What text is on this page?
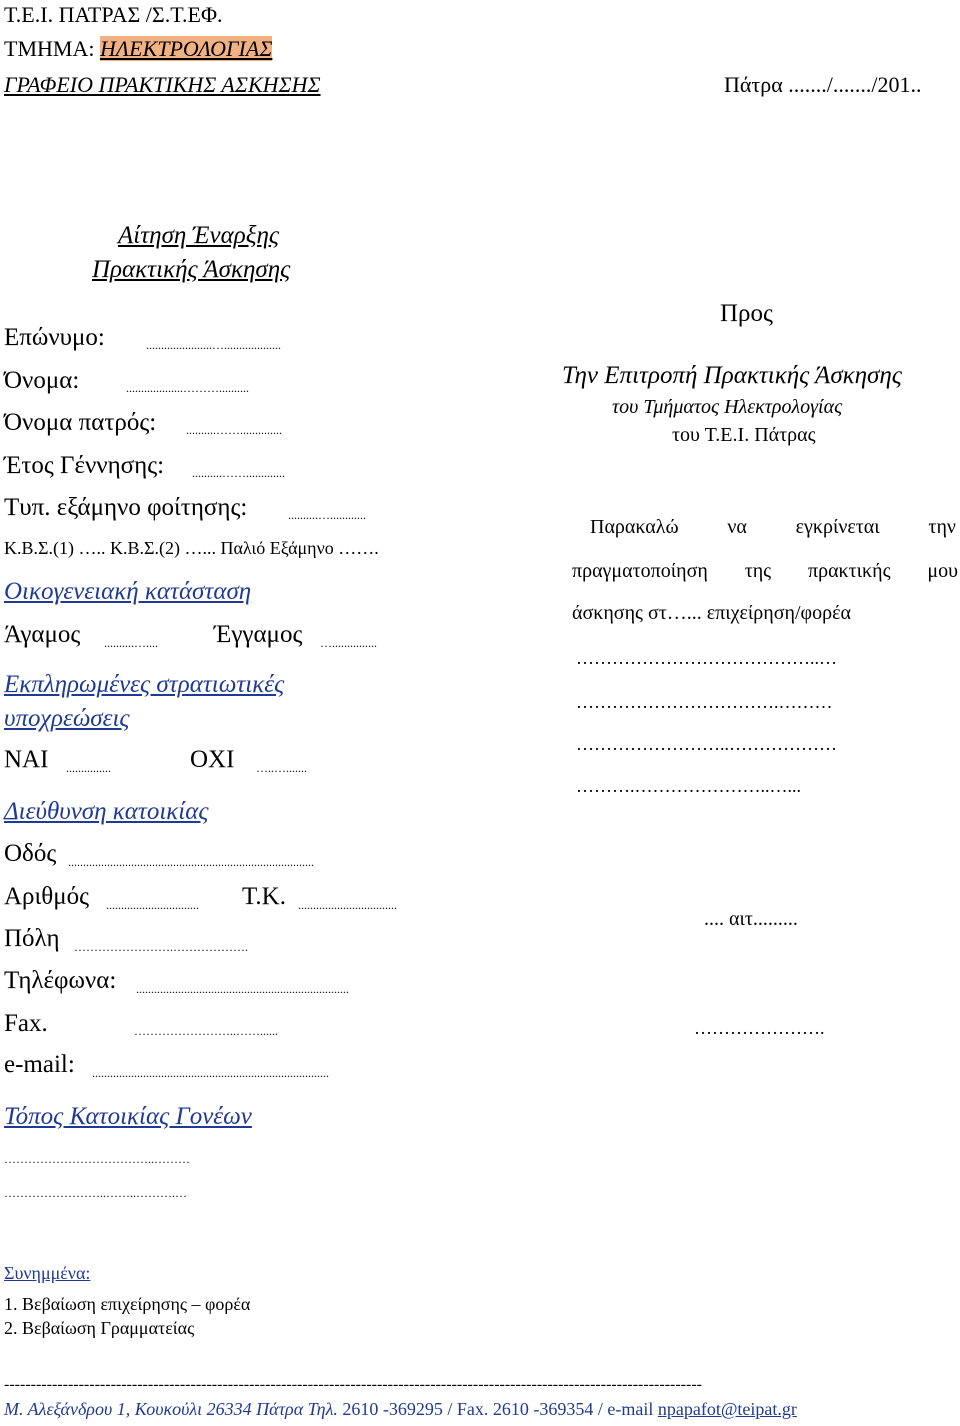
Τ.Ε.Ι. ΠΑΤΡΑΣ /Σ.Τ.ΕΦ.
ΤΜΗΜΑ: ΗΛΕΚΤΡΟΛΟΓΙΑΣ
ΓΡΑΦΕΙΟ ΠΡΑΚΤΙΚΗΣ ΑΣΚΗΣΗΣ	Πάτρα ......./......./201..
Αίτηση Έναρξης
Πρακτικής Άσκησης
Επώνυμο:	......................…...................
Όνομα:	...................………..........
Όνομα πατρός: ..........……..............
Έτος Γέννησης: ..........…….............
Τυπ. εξάμηνο φοίτησης:	..........…............
Κ.Β.Σ.(1) ….. Κ.Β.Σ.(2) …... Παλιό Εξάμηνο …….
Οικογενειακή κατάσταση
Άγαμος ..........….... Έγγαμος …...............
Εκπληρωμένες στρατιωτικές
υποχρεώσεις
ΝΑΙ ...............	ΟΧΙ …..….......
Διεύθυνση κατοικίας
Οδός ..................................................................................
Αριθμός ............................... Τ.Κ. .................................
Πόλη …………………….……………….
Τηλέφωνα: .......................................................................
Fax.	……………………..……......
e-mail: ...............................................................................
Τόπος Κατοικίας Γονέων
………………………………..………
……………………..……..……….…
Προς
Την Επιτροπή Πρακτικής Άσκησης
του Τμήματος Ηλεκτρολογίας
του Τ.Ε.Ι. Πάτρας
Παρακαλώ να εγκρίνεται την
πραγματοποίηση της πρακτικής μου
άσκησης στ…... επιχείρηση/φορέα
…………………………………..…
…………………………….………
……………………..………………
……….…………………..…...
.... αιτ.........
………………….
Συνημμένα:
1. Βεβαίωση επιχείρησης – φορέα
2. Βεβαίωση Γραμματείας
-----------------------------------------------------------------------------------------------------------------------------------
Μ. Αλεξάνδρου 1, Κουκούλι 26334 Πάτρα Τηλ. 2610 -369295 / Fax. 2610 -369354 / e-mail npapafot@teipat.gr
